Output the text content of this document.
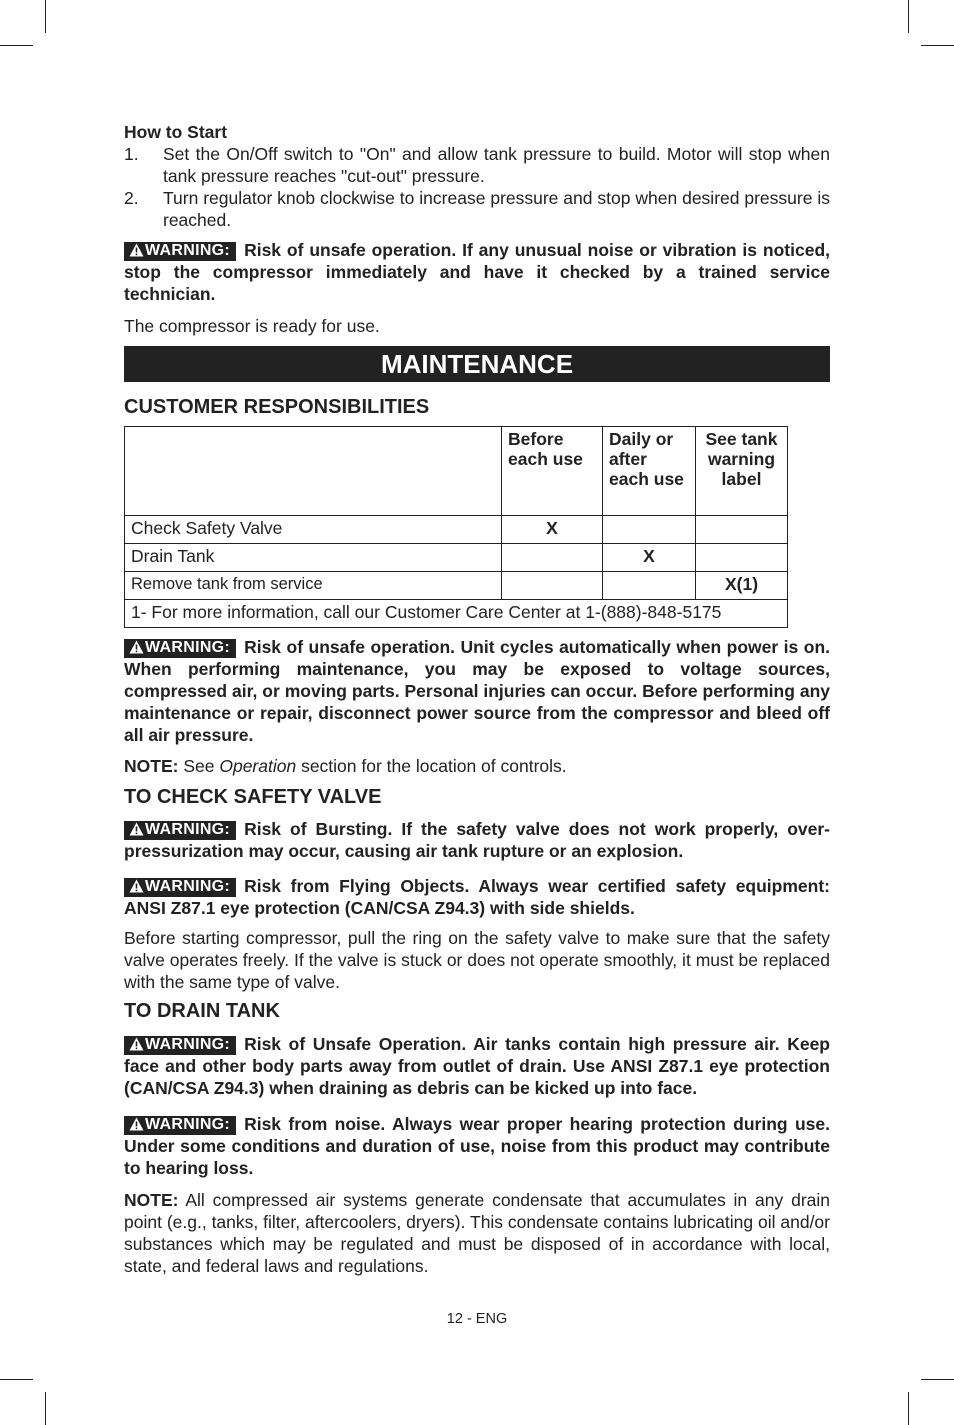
How to Start

1.	Set the On/Off switch to "On" and allow tank pressure to build. Motor will stop when tank pressure reaches "cut-out" pressure.
2.	Turn regulator knob clockwise to increase pressure and stop when desired pressure is reached.

WARNING: Risk of unsafe operation. If any unusual noise or vibration is noticed, stop the compressor immediately and have it checked by a trained service technician.

The compressor is ready for use.

MAINTENANCE

CUSTOMER RESPONSIBILITIES

	Before each use	Daily or after each use	See tank warning label
Check Safety Valve	X		
Drain Tank		X	
Remove tank from service			X(1)
1- For more information, call our Customer Care Center at 1-(888)-848-5175			

WARNING: Risk of unsafe operation. Unit cycles automatically when power is on. When performing maintenance, you may be exposed to voltage sources, compressed air, or moving parts. Personal injuries can occur. Before performing any maintenance or repair, disconnect power source from the compressor and bleed off all air pressure.

NOTE: See Operation section for the location of controls.

TO CHECK SAFETY VALVE

WARNING: Risk of Bursting. If the safety valve does not work properly, over-pressurization may occur, causing air tank rupture or an explosion.

WARNING: Risk from Flying Objects. Always wear certified safety equipment: ANSI Z87.1 eye protection (CAN/CSA Z94.3) with side shields.

Before starting compressor, pull the ring on the safety valve to make sure that the safety valve operates freely. If the valve is stuck or does not operate smoothly, it must be replaced with the same type of valve.

TO DRAIN TANK

WARNING: Risk of Unsafe Operation. Air tanks contain high pressure air. Keep face and other body parts away from outlet of drain. Use ANSI Z87.1 eye protection (CAN/CSA Z94.3) when draining as debris can be kicked up into face.

WARNING: Risk from noise. Always wear proper hearing protection during use. Under some conditions and duration of use, noise from this product may contribute to hearing loss.

NOTE: All compressed air systems generate condensate that accumulates in any drain point (e.g., tanks, filter, aftercoolers, dryers). This condensate contains lubricating oil and/or substances which may be regulated and must be disposed of in accordance with local, state, and federal laws and regulations.

12 - ENG
